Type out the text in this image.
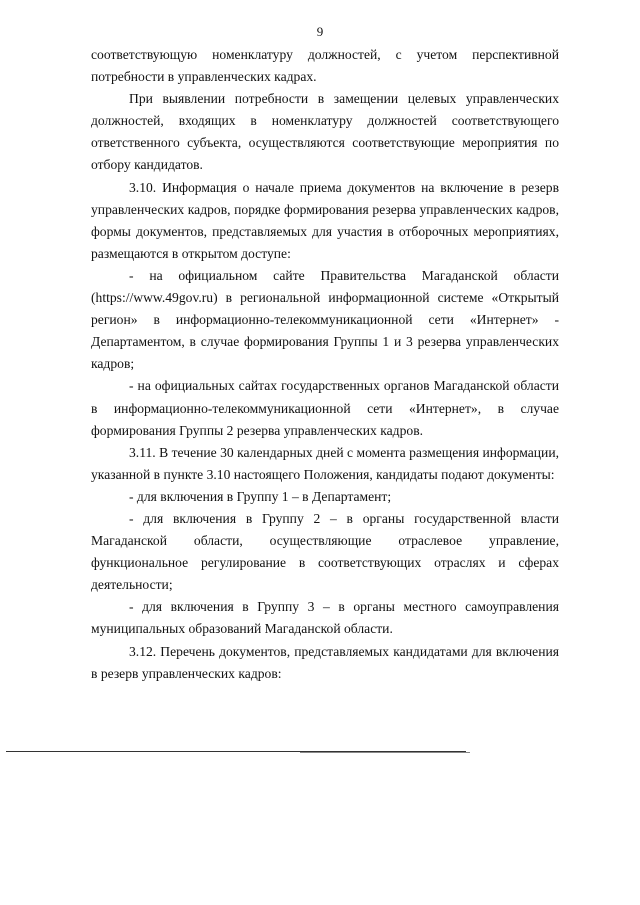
9

соответствующую номенклатуру должностей, с учетом перспективной потребности в управленческих кадрах.

При выявлении потребности в замещении целевых управленческих должностей, входящих в номенклатуру должностей соответствующего ответственного субъекта, осуществляются соответствующие мероприятия по отбору кандидатов.

3.10. Информация о начале приема документов на включение в резерв управленческих кадров, порядке формирования резерва управленческих кадров, формы документов, представляемых для участия в отборочных мероприятиях, размещаются в открытом доступе:

- на официальном сайте Правительства Магаданской области (https://www.49gov.ru) в региональной информационной системе «Открытый регион» в информационно-телекоммуникационной сети «Интернет» - Департаментом, в случае формирования Группы 1 и 3 резерва управленческих кадров;

- на официальных сайтах государственных органов Магаданской области в информационно-телекоммуникационной сети «Интернет», в случае формирования Группы 2 резерва управленческих кадров.

3.11. В течение 30 календарных дней с момента размещения информации, указанной в пункте 3.10 настоящего Положения, кандидаты подают документы:

- для включения в Группу 1 – в Департамент;

- для включения в Группу 2 – в органы государственной власти Магаданской области, осуществляющие отраслевое управление, функциональное регулирование в соответствующих отраслях и сферах деятельности;

- для включения в Группу 3 – в органы местного самоуправления муниципальных образований Магаданской области.

3.12. Перечень документов, представляемых кандидатами для включения в резерв управленческих кадров:
